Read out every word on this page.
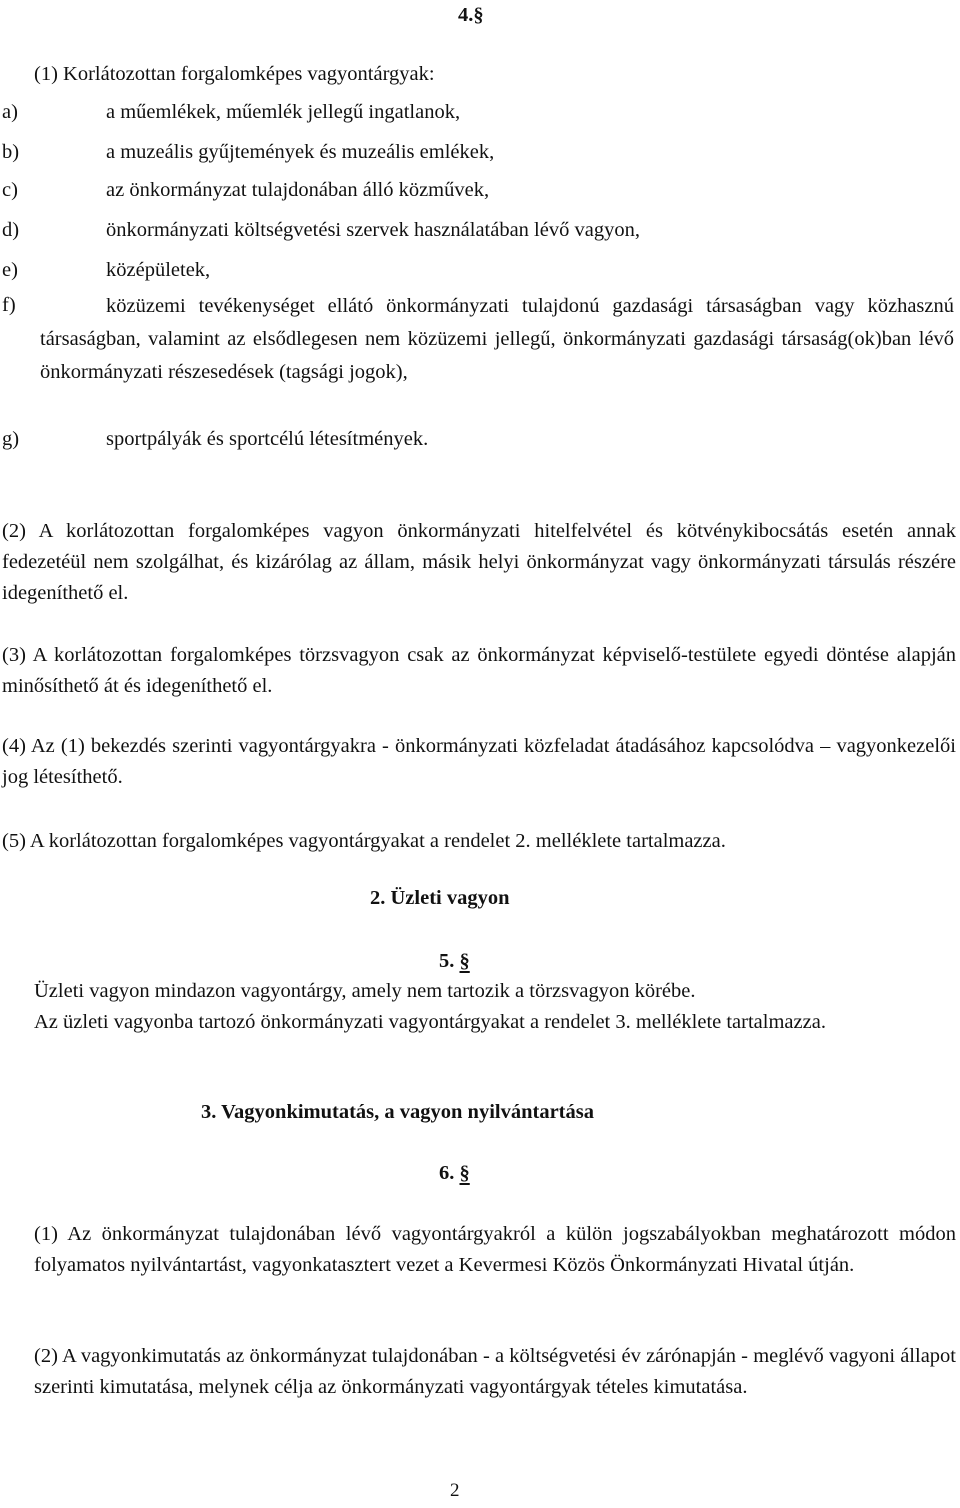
4.§
(1) Korlátozottan forgalomképes vagyontárgyak:
a)	a műemlékek, műemlék jellegű ingatlanok,
b)	a muzeális gyűjtemények és muzeális emlékek,
c)	az önkormányzat tulajdonában álló közművek,
d)	önkormányzati költségvetési szervek használatában lévő vagyon,
e)	középületek,
f)	közüzemi tevékenységet ellátó önkormányzati tulajdonú gazdasági társaságban vagy közhasznú társaságban, valamint az elsődlegesen nem közüzemi jellegű, önkormányzati gazdasági társaság(ok)ban lévő önkormányzati részesedések (tagsági jogok),
g)	sportpályák és sportcélú létesítmények.
(2) A korlátozottan forgalomképes vagyon önkormányzati hitelfelvétel és kötvénykibocsátás esetén annak fedezetéül nem szolgálhat, és kizárólag az állam, másik helyi önkormányzat vagy önkormányzati társulás részére idegeníthető el.
(3) A korlátozottan forgalomképes törzsvagyon csak az önkormányzat képviselő-testülete egyedi döntése alapján minősíthető át és idegeníthető el.
(4) Az (1) bekezdés szerinti vagyontárgyakra - önkormányzati közfeladat átadásához kapcsolódva – vagyonkezelői jog létesíthető.
(5) A korlátozottan forgalomképes vagyontárgyakat a rendelet 2. melléklete tartalmazza.
2. Üzleti vagyon
5. §
Üzleti vagyon mindazon vagyontárgy, amely nem tartozik a törzsvagyon körébe.
Az üzleti vagyonba tartozó önkormányzati vagyontárgyakat a rendelet 3. melléklete tartalmazza.
3. Vagyonkimutatás, a vagyon nyilvántartása
6. §
(1) Az önkormányzat tulajdonában lévő vagyontárgyakról a külön jogszabályokban meghatározott módon folyamatos nyilvántartást, vagyonkatasztert vezet a Kevermesi Közös Önkormányzati Hivatal útján.
(2) A vagyonkimutatás az önkormányzat tulajdonában - a költségvetési év zárónapján - meglévő vagyoni állapot szerinti kimutatása, melynek célja az önkormányzati vagyontárgyak tételes kimutatása.
2
